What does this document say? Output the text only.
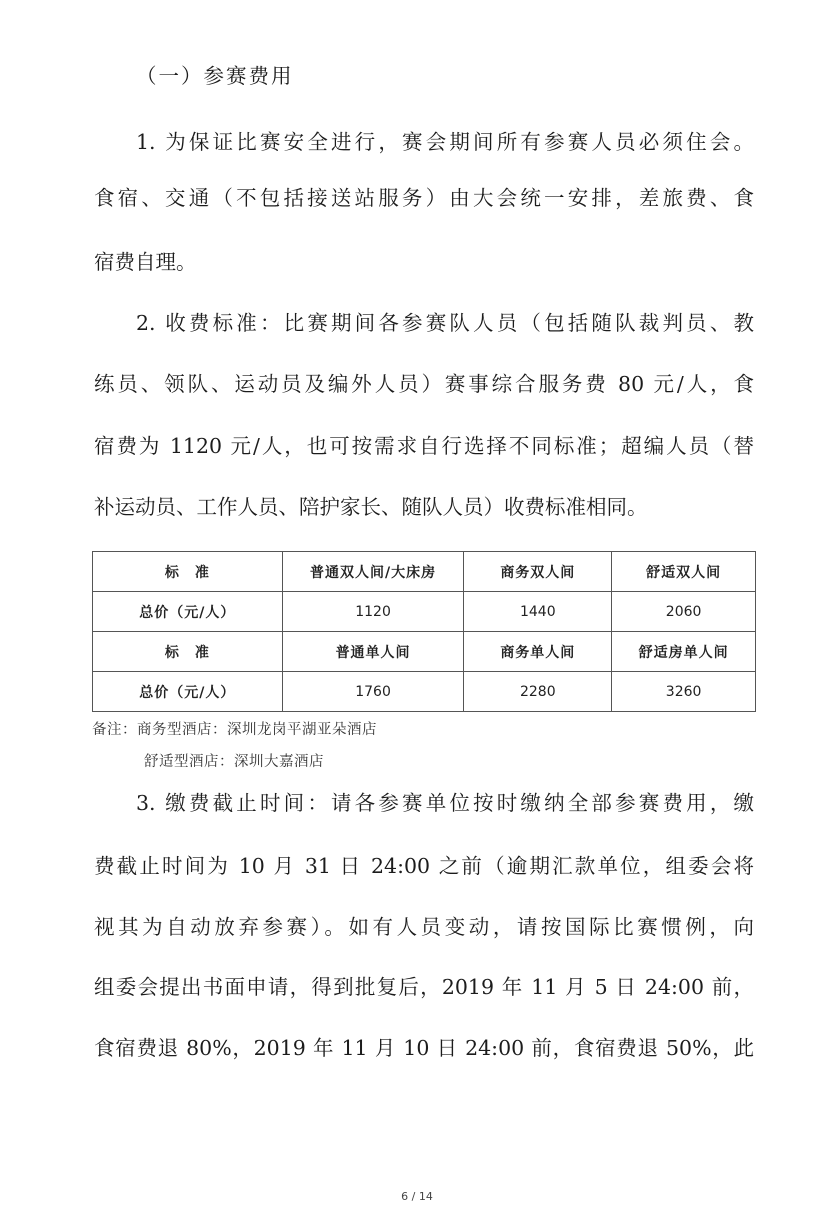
（一）参赛费用
1. 为保证比赛安全进行，赛会期间所有参赛人员必须住会。
食宿、交通（不包括接送站服务）由大会统一安排，差旅费、食
宿费自理。
2. 收费标准：比赛期间各参赛队人员（包括随队裁判员、教
练员、领队、运动员及编外人员）赛事综合服务费 80 元/人，食
宿费为 1120 元/人，也可按需求自行选择不同标准；超编人员（替
补运动员、工作人员、陪护家长、随队人员）收费标准相同。
标　准	普通双人间/大床房	商务双人间	舒适双人间
总价（元/人）	1120	1440	2060
标　准	普通单人间	商务单人间	舒适房单人间
总价（元/人）	1760	2280	3260
备注：商务型酒店：深圳龙岗平湖亚朵酒店
舒适型酒店：深圳大嘉酒店
3. 缴费截止时间：请各参赛单位按时缴纳全部参赛费用，缴
费截止时间为 10 月 31 日 24:00 之前（逾期汇款单位，组委会将
视其为自动放弃参赛）。如有人员变动，请按国际比赛惯例，向
组委会提出书面申请，得到批复后，2019 年 11 月 5 日 24:00 前，
食宿费退 80%，2019 年 11 月 10 日 24:00 前，食宿费退 50%，此
6 / 14
